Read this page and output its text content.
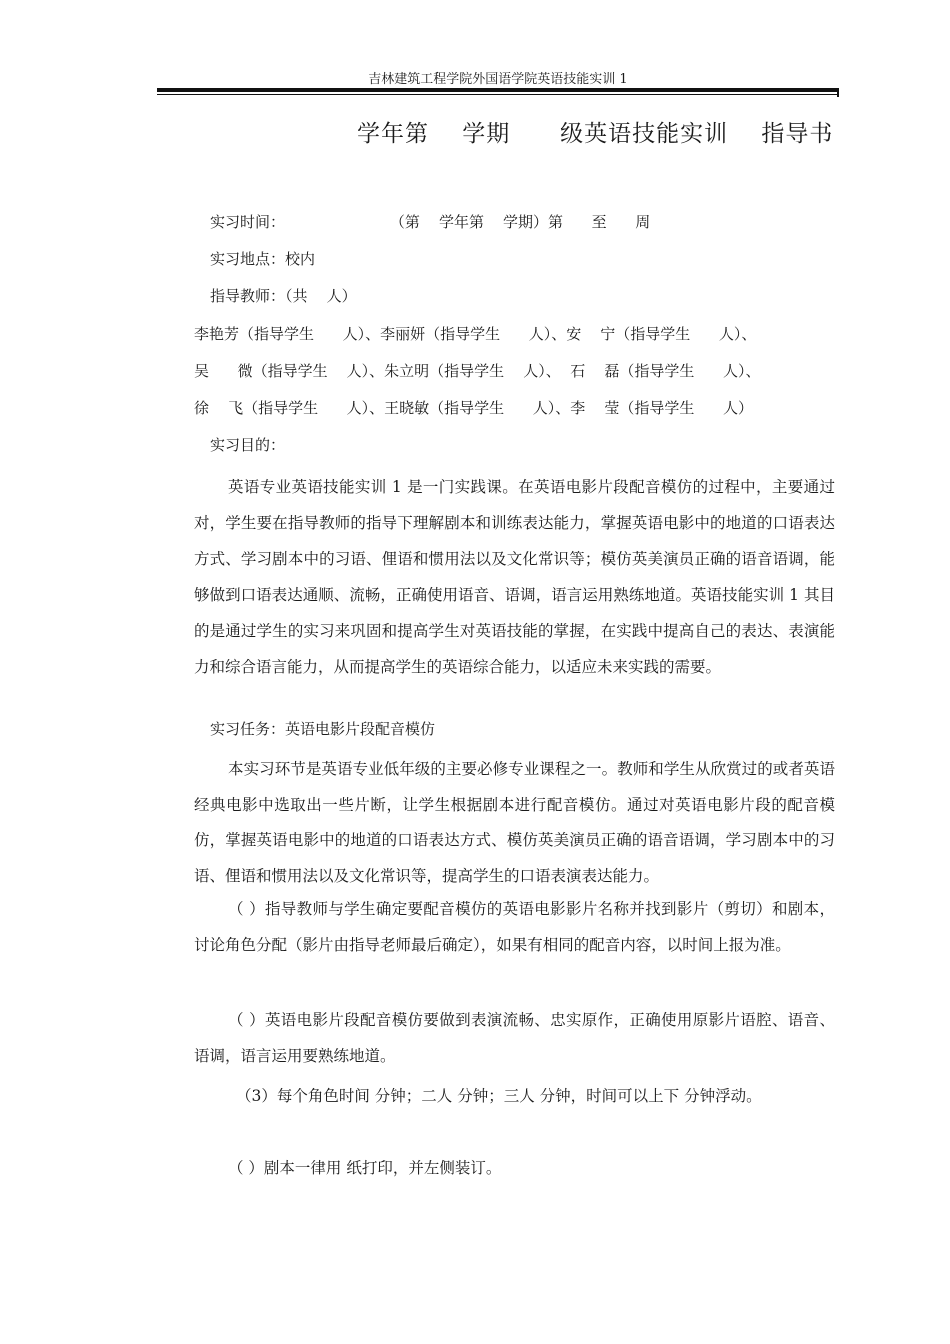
吉林建筑工程学院外国语学院英语技能实训 1
学年第    学期      级英语技能实训    指导书
实习时间：                      （第    学年第    学期）第      至      周
实习地点：校内
指导教师：（共    人）
李艳芳（指导学生      人）、李丽妍（指导学生      人）、安    宁（指导学生      人）、
吴      微（指导学生    人）、朱立明（指导学生    人）、  石    磊（指导学生      人）、
徐    飞（指导学生      人）、王晓敏（指导学生      人）、李    莹（指导学生      人）
实习目的：

英语专业英语技能实训 1 是一门实践课。在英语电影片段配音模仿的过程中，主要通过对，学生要在指导教师的指导下理解剧本和训练表达能力，掌握英语电影中的地道的口语表达方式、学习剧本中的习语、俚语和惯用法以及文化常识等；模仿英美演员正确的语音语调，能够做到口语表达通顺、流畅，正确使用语音、语调，语言运用熟练地道。英语技能实训 1 其目的是通过学生的实习来巩固和提高学生对英语技能的掌握，在实践中提高自己的表达、表演能力和综合语言能力，从而提高学生的英语综合能力，以适应未来实践的需要。

实习任务：英语电影片段配音模仿

本实习环节是英语专业低年级的主要必修专业课程之一。教师和学生从欣赏过的或者英语经典电影中选取出一些片断，让学生根据剧本进行配音模仿。通过对英语电影片段的配音模仿，掌握英语电影中的地道的口语表达方式、模仿英美演员正确的语音语调，学习剧本中的习语、俚语和惯用法以及文化常识等，提高学生的口语表演表达能力。

（ ）指导教师与学生确定要配音模仿的英语电影影片名称并找到影片（剪切）和剧本，讨论角色分配（影片由指导老师最后确定），如果有相同的配音内容，以时间上报为准。

（ ）英语电影片段配音模仿要做到表演流畅、忠实原作，正确使用原影片语腔、语音、语调，语言运用要熟练地道。

（3）每个角色时间 分钟；二人 分钟；三人 分钟，时间可以上下 分钟浮动。

（ ）剧本一律用 纸打印，并左侧装订。
